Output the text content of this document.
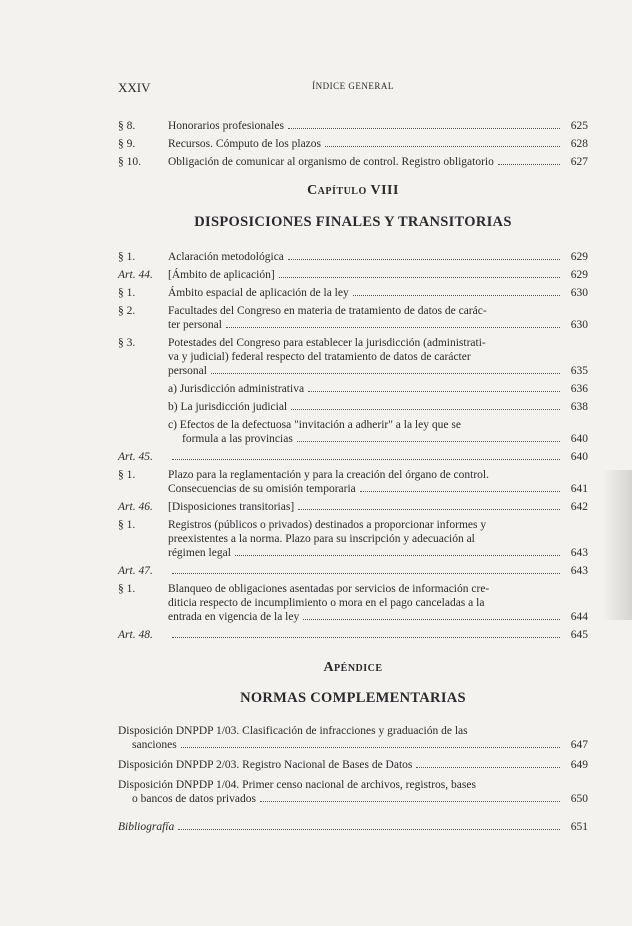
XXIV	ÍNDICE GENERAL
§ 8.	Honorarios profesionales	625
§ 9.	Recursos. Cómputo de los plazos	628
§ 10.	Obligación de comunicar al organismo de control. Registro obligatorio	627
Capítulo VIII
DISPOSICIONES FINALES Y TRANSITORIAS
§ 1.	Aclaración metodológica	629
Art. 44.	[Ámbito de aplicación]	629
§ 1.	Ámbito espacial de aplicación de la ley	630
§ 2.	Facultades del Congreso en materia de tratamiento de datos de carác-
ter personal	630
§ 3.	Potestades del Congreso para establecer la jurisdicción (administrati-
va y judicial) federal respecto del tratamiento de datos de carácter
personal	635
a) Jurisdicción administrativa	636
b) La jurisdicción judicial	638
c) Efectos de la defectuosa "invitación a adherir" a la ley que se
formula a las provincias	640
Art. 45.	640
§ 1.	Plazo para la reglamentación y para la creación del órgano de control.
Consecuencias de su omisión temporaria	641
Art. 46.	[Disposiciones transitorias]	642
§ 1.	Registros (públicos o privados) destinados a proporcionar informes y
preexistentes a la norma. Plazo para su inscripción y adecuación al
régimen legal	643
Art. 47.	643
§ 1.	Blanqueo de obligaciones asentadas por servicios de información cre-
diticia respecto de incumplimiento o mora en el pago canceladas a la
entrada en vigencia de la ley	644
Art. 48.	645
Apéndice
NORMAS COMPLEMENTARIAS
Disposición DNPDP 1/03. Clasificación de infracciones y graduación de las
sanciones	647
Disposición DNPDP 2/03. Registro Nacional de Bases de Datos	649
Disposición DNPDP 1/04. Primer censo nacional de archivos, registros, bases
o bancos de datos privados	650
Bibliografía	651
